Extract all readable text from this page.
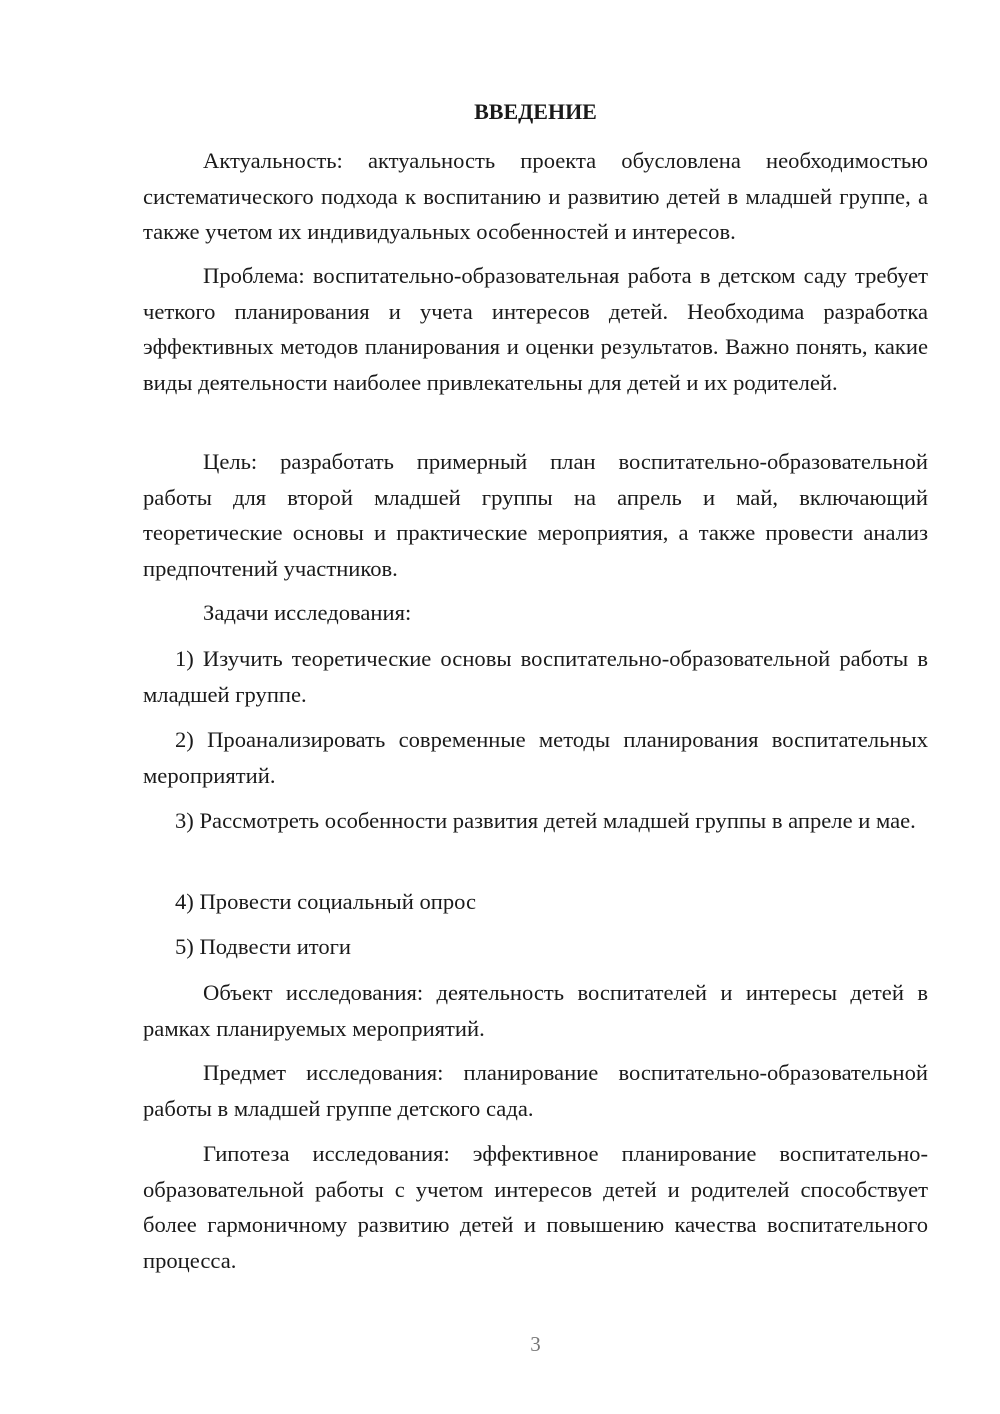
ВВЕДЕНИЕ

Актуальность: актуальность проекта обусловлена необходимостью систематического подхода к воспитанию и развитию детей в младшей группе, а также учетом их индивидуальных особенностей и интересов.

Проблема: воспитательно-образовательная работа в детском саду требует четкого планирования и учета интересов детей. Необходима разработка эффективных методов планирования и оценки результатов. Важно понять, какие виды деятельности наиболее привлекательны для детей и их родителей.

Цель: разработать примерный план воспитательно-образовательной работы для второй младшей группы на апрель и май, включающий теоретические основы и практические мероприятия, а также провести анализ предпочтений участников.

Задачи исследования:

1) Изучить теоретические основы воспитательно-образовательной работы в младшей группе.

2) Проанализировать современные методы планирования воспитательных мероприятий.

3) Рассмотреть особенности развития детей младшей группы в апреле и мае.

4) Провести социальный опрос

5) Подвести итоги

Объект исследования: деятельность воспитателей и интересы детей в рамках планируемых мероприятий.

Предмет исследования: планирование воспитательно-образовательной работы в младшей группе детского сада.

Гипотеза исследования: эффективное планирование воспитательно-образовательной работы с учетом интересов детей и родителей способствует более гармоничному развитию детей и повышению качества воспитательного процесса.

3
